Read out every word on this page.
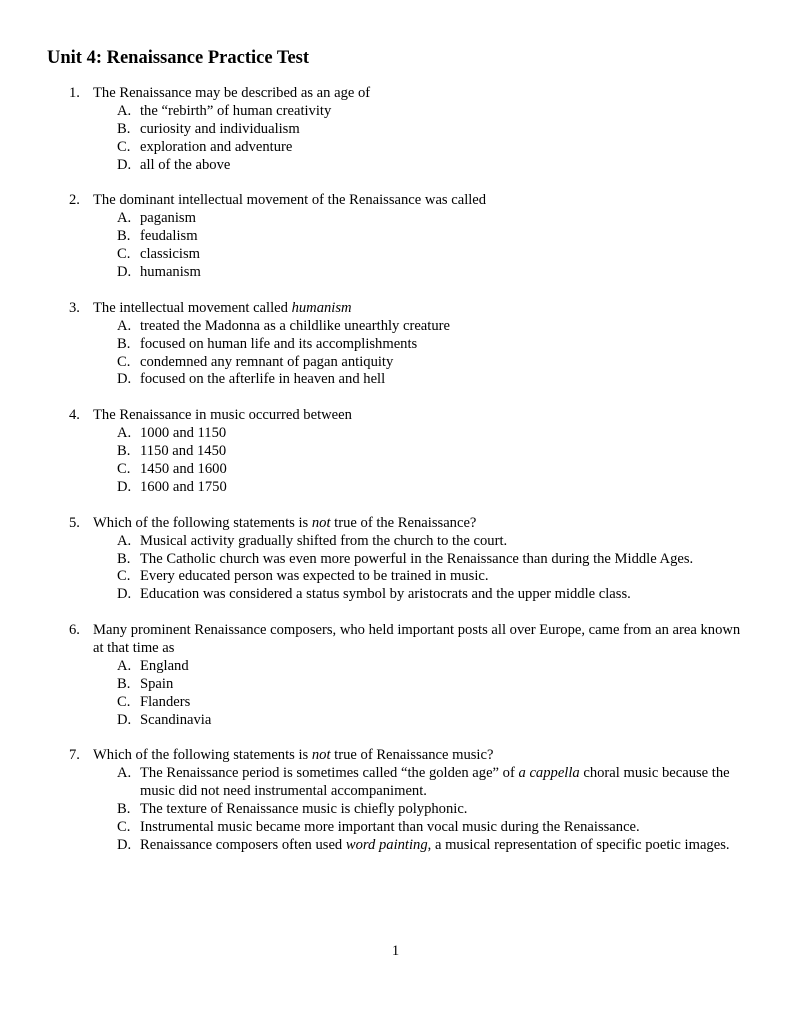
Unit 4: Renaissance Practice Test
1. The Renaissance may be described as an age of
A. the “rebirth” of human creativity
B. curiosity and individualism
C. exploration and adventure
D. all of the above
2. The dominant intellectual movement of the Renaissance was called
A. paganism
B. feudalism
C. classicism
D. humanism
3. The intellectual movement called humanism
A. treated the Madonna as a childlike unearthly creature
B. focused on human life and its accomplishments
C. condemned any remnant of pagan antiquity
D. focused on the afterlife in heaven and hell
4. The Renaissance in music occurred between
A. 1000 and 1150
B. 1150 and 1450
C. 1450 and 1600
D. 1600 and 1750
5. Which of the following statements is not true of the Renaissance?
A. Musical activity gradually shifted from the church to the court.
B. The Catholic church was even more powerful in the Renaissance than during the Middle Ages.
C. Every educated person was expected to be trained in music.
D. Education was considered a status symbol by aristocrats and the upper middle class.
6. Many prominent Renaissance composers, who held important posts all over Europe, came from an area known at that time as
A. England
B. Spain
C. Flanders
D. Scandinavia
7. Which of the following statements is not true of Renaissance music?
A. The Renaissance period is sometimes called “the golden age” of a cappella choral music because the music did not need instrumental accompaniment.
B. The texture of Renaissance music is chiefly polyphonic.
C. Instrumental music became more important than vocal music during the Renaissance.
D. Renaissance composers often used word painting, a musical representation of specific poetic images.
1
